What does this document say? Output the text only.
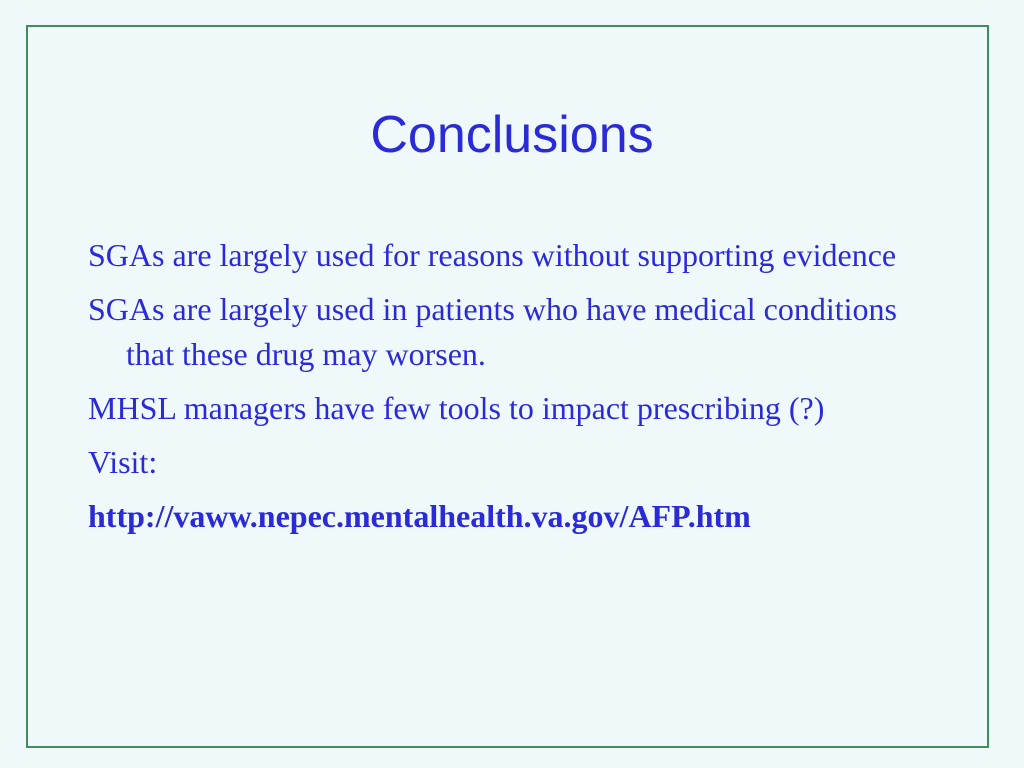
Conclusions

SGAs are largely used for reasons without supporting evidence

SGAs are largely used in patients who have medical conditions that these drug may worsen.

MHSL managers have few tools to impact prescribing (?)

Visit:

http://vaww.nepec.mentalhealth.va.gov/AFP.htm
